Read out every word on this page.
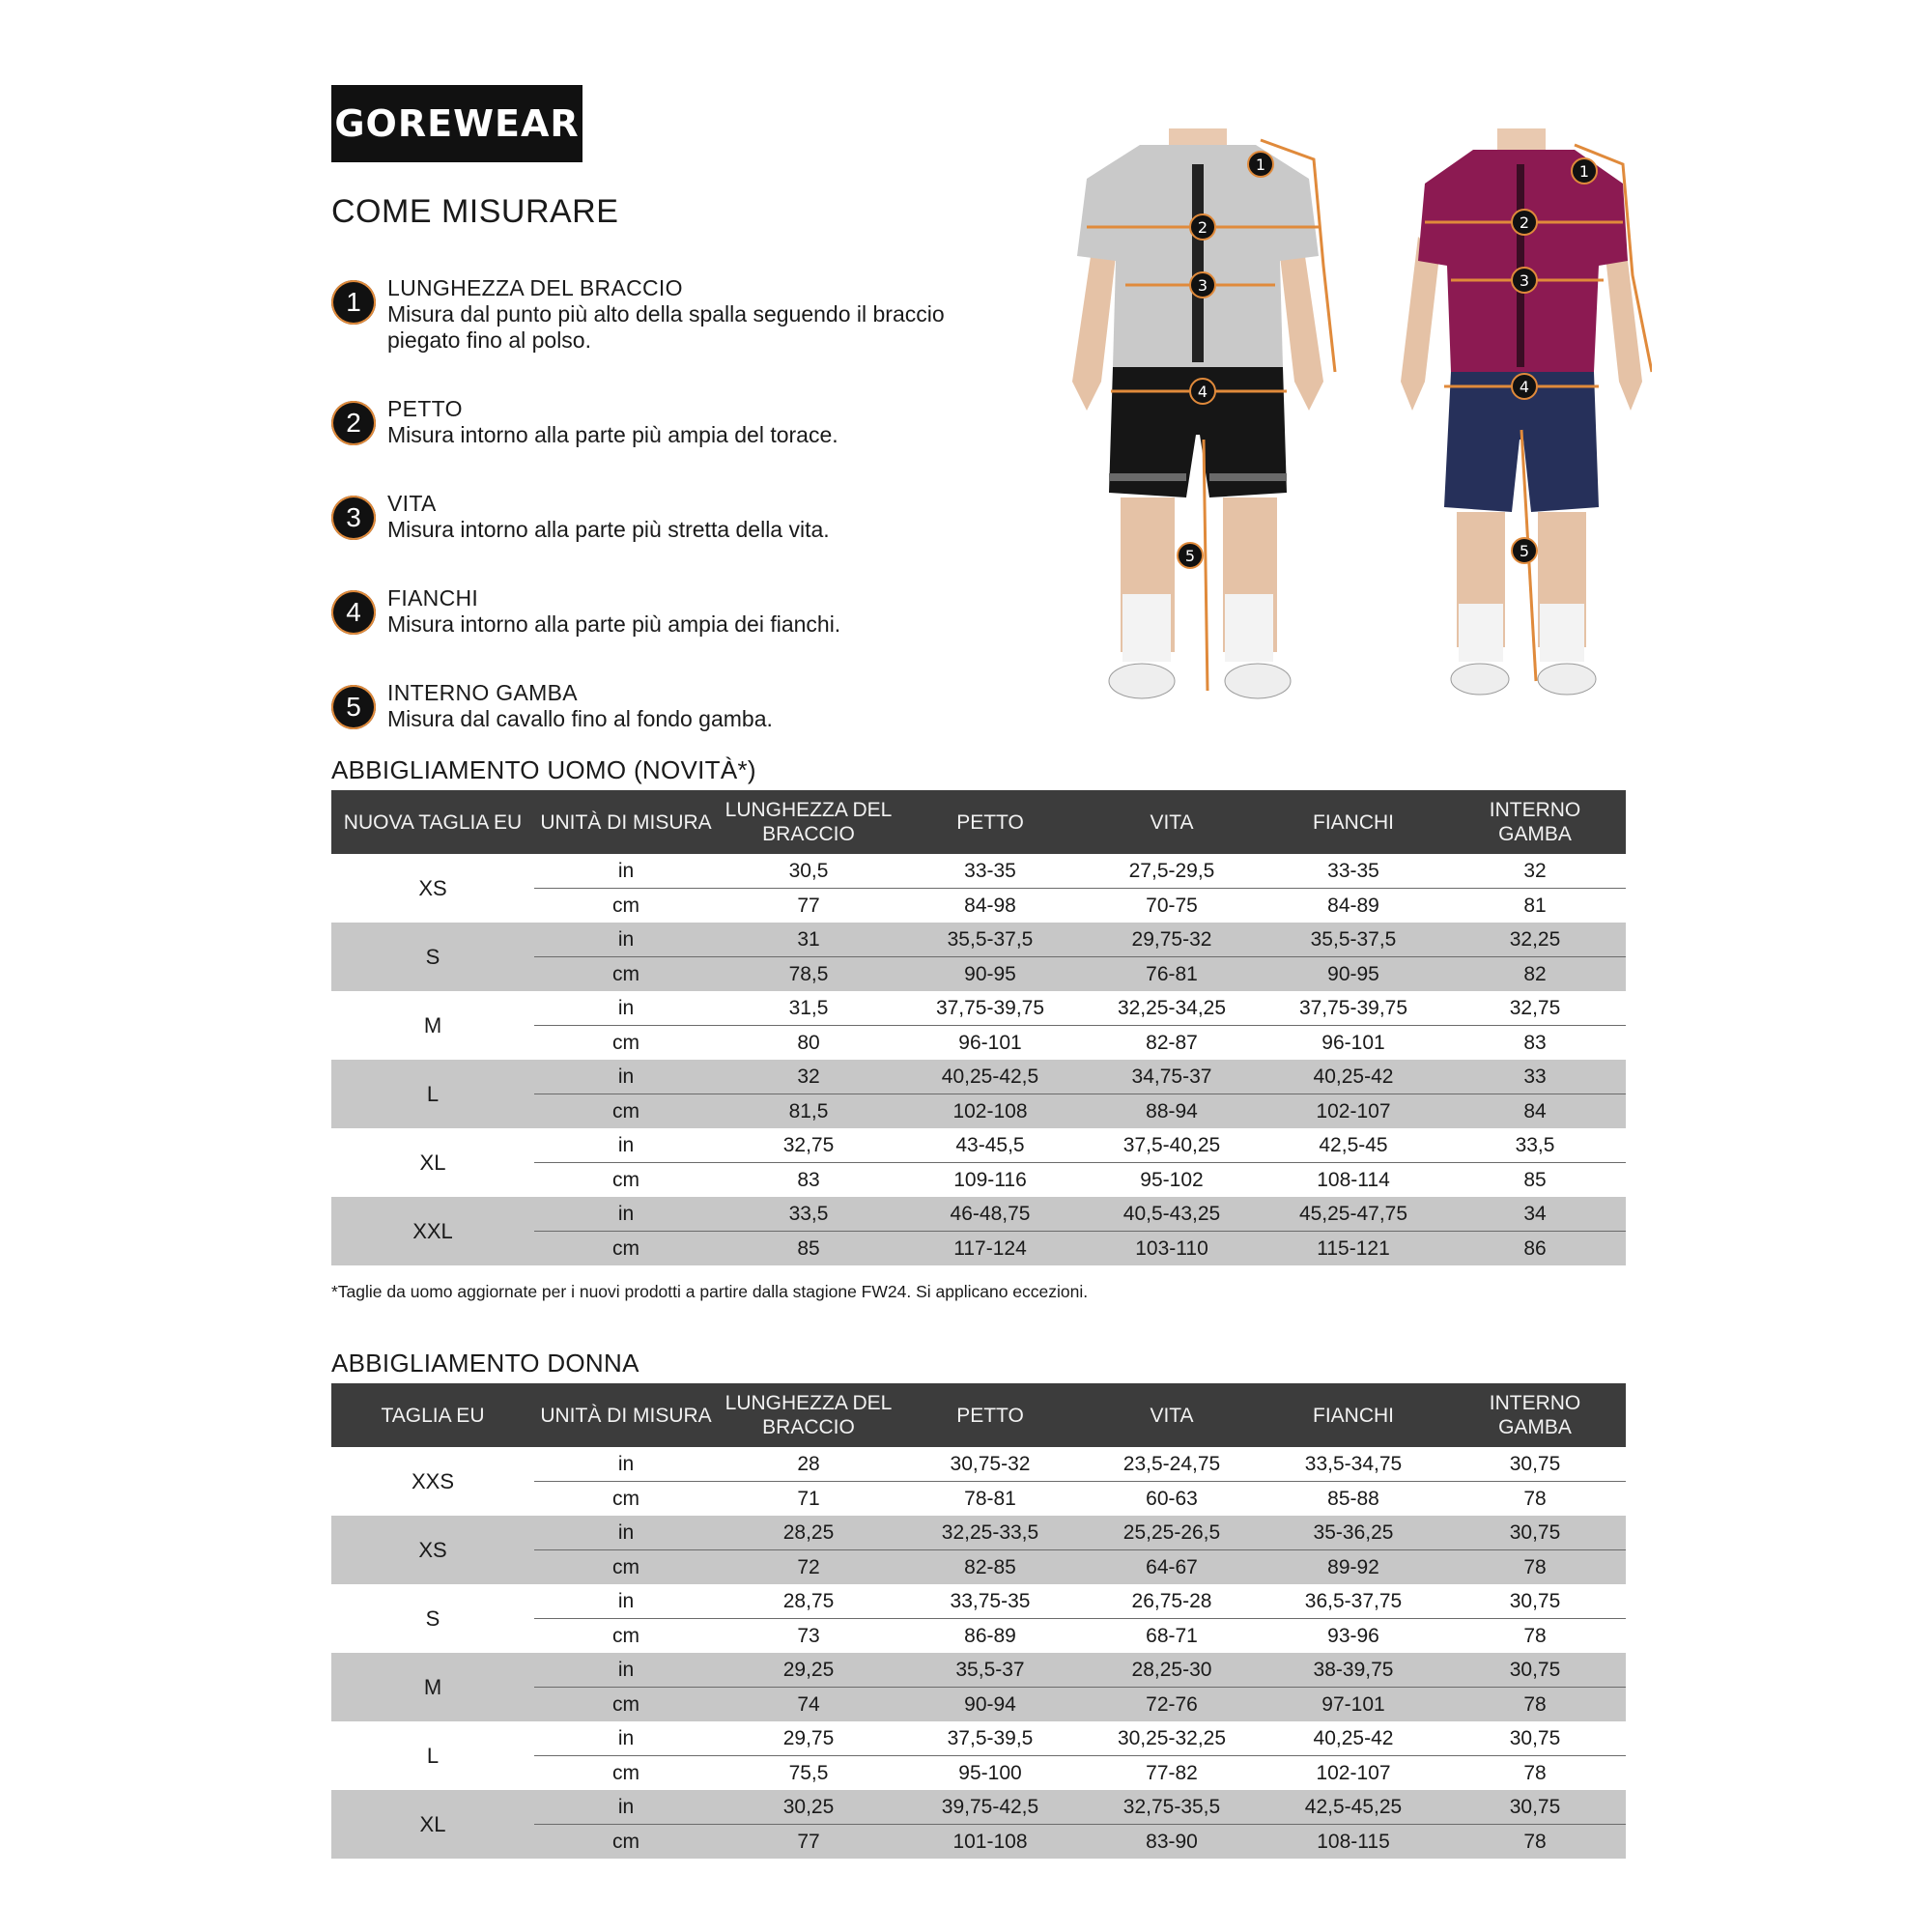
GOREWEAR
COME MISURARE
1	LUNGHEZZA DEL BRACCIO
Misura dal punto più alto della spalla seguendo il braccio
piegato fino al polso.
2	PETTO
Misura intorno alla parte più ampia del torace.
3	VITA
Misura intorno alla parte più stretta della vita.
4	FIANCHI
Misura intorno alla parte più ampia dei fianchi.
5	INTERNO GAMBA
Misura dal cavallo fino al fondo gamba.
1
2
3
4
5
1
2
3
4
5
ABBIGLIAMENTO UOMO (NOVITÀ*)
NUOVA TAGLIA EU	UNITÀ DI MISURA	LUNGHEZZA DEL BRACCIO	PETTO	VITA	FIANCHI	INTERNO GAMBA
XS	in	30,5	33-35	27,5-29,5	33-35	32
	cm	77	84-98	70-75	84-89	81
S	in	31	35,5-37,5	29,75-32	35,5-37,5	32,25
	cm	78,5	90-95	76-81	90-95	82
M	in	31,5	37,75-39,75	32,25-34,25	37,75-39,75	32,75
	cm	80	96-101	82-87	96-101	83
L	in	32	40,25-42,5	34,75-37	40,25-42	33
	cm	81,5	102-108	88-94	102-107	84
XL	in	32,75	43-45,5	37,5-40,25	42,5-45	33,5
	cm	83	109-116	95-102	108-114	85
XXL	in	33,5	46-48,75	40,5-43,25	45,25-47,75	34
	cm	85	117-124	103-110	115-121	86
*Taglie da uomo aggiornate per i nuovi prodotti a partire dalla stagione FW24. Si applicano eccezioni.
ABBIGLIAMENTO DONNA
TAGLIA EU	UNITÀ DI MISURA	LUNGHEZZA DEL BRACCIO	PETTO	VITA	FIANCHI	INTERNO GAMBA
XXS	in	28	30,75-32	23,5-24,75	33,5-34,75	30,75
	cm	71	78-81	60-63	85-88	78
XS	in	28,25	32,25-33,5	25,25-26,5	35-36,25	30,75
	cm	72	82-85	64-67	89-92	78
S	in	28,75	33,75-35	26,75-28	36,5-37,75	30,75
	cm	73	86-89	68-71	93-96	78
M	in	29,25	35,5-37	28,25-30	38-39,75	30,75
	cm	74	90-94	72-76	97-101	78
L	in	29,75	37,5-39,5	30,25-32,25	40,25-42	30,75
	cm	75,5	95-100	77-82	102-107	78
XL	in	30,25	39,75-42,5	32,75-35,5	42,5-45,25	30,75
	cm	77	101-108	83-90	108-115	78
